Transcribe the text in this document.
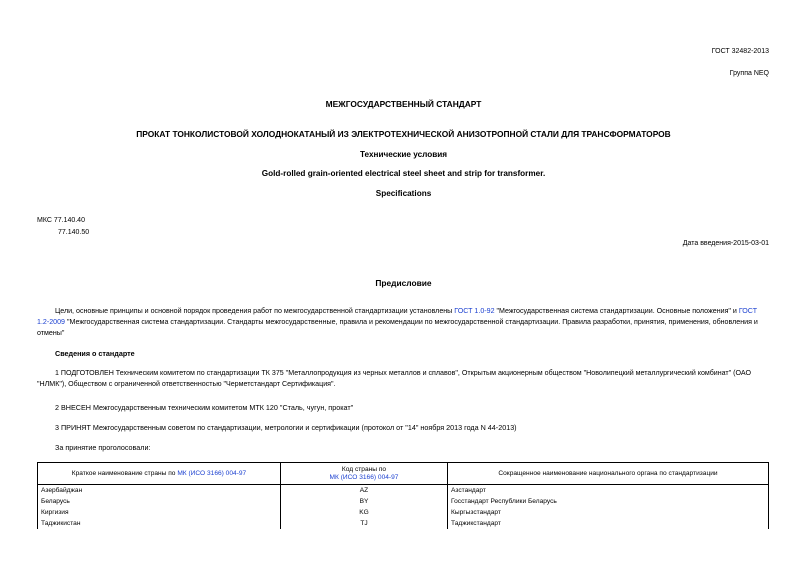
ГОСТ 32482-2013
Группа NEQ
МЕЖГОСУДАРСТВЕННЫЙ СТАНДАРТ
ПРОКАТ ТОНКОЛИСТОВОЙ ХОЛОДНОКАТАНЫЙ ИЗ ЭЛЕКТРОТЕХНИЧЕСКОЙ АНИЗОТРОПНОЙ СТАЛИ ДЛЯ ТРАНСФОРМАТОРОВ
Технические условия
Gold-rolled grain-oriented electrical steel sheet and strip for transformer.
Specifications
МКС 77.140.40
77.140.50
Дата введения-2015-03-01
Предисловие
Цели, основные принципы и основной порядок проведения работ по межгосударственной стандартизации установлены ГОСТ 1.0-92 "Межгосударственная система стандартизации. Основные положения" и ГОСТ
1.2-2009 "Межгосударственная система стандартизации. Стандарты межгосударственные, правила и рекомендации по межгосударственной стандартизации. Правила разработки, принятия, применения, обновления и
отмены"
Сведения о стандарте
1 ПОДГОТОВЛЕН Техническим комитетом по стандартизации ТК 375 "Металлопродукция из черных металлов и сплавов", Открытым акционерным обществом "Новолипецкий металлургический комбинат" (ОАО
"НЛМК"), Обществом с ограниченной ответственностью "Черметстандарт Сертификация".
2 ВНЕСЕН Межгосударственным техническим комитетом МТК 120 "Сталь, чугун, прокат"
3 ПРИНЯТ Межгосударственным советом по стандартизации, метрологии и сертификации (протокол от "14" ноября 2013 года N 44-2013)
За принятие проголосовали:
Краткое наименование страны по МК (ИСО 3166) 004-97	Код страны по
МК (ИСО 3166) 004-97	Сокращенное наименование национального органа по стандартизации
Азербайджан	AZ	Азстандарт
Беларусь	BY	Госстандарт Республики Беларусь
Киргизия	KG	Кыргызстандарт
Таджикистан	TJ	Таджикстандарт
